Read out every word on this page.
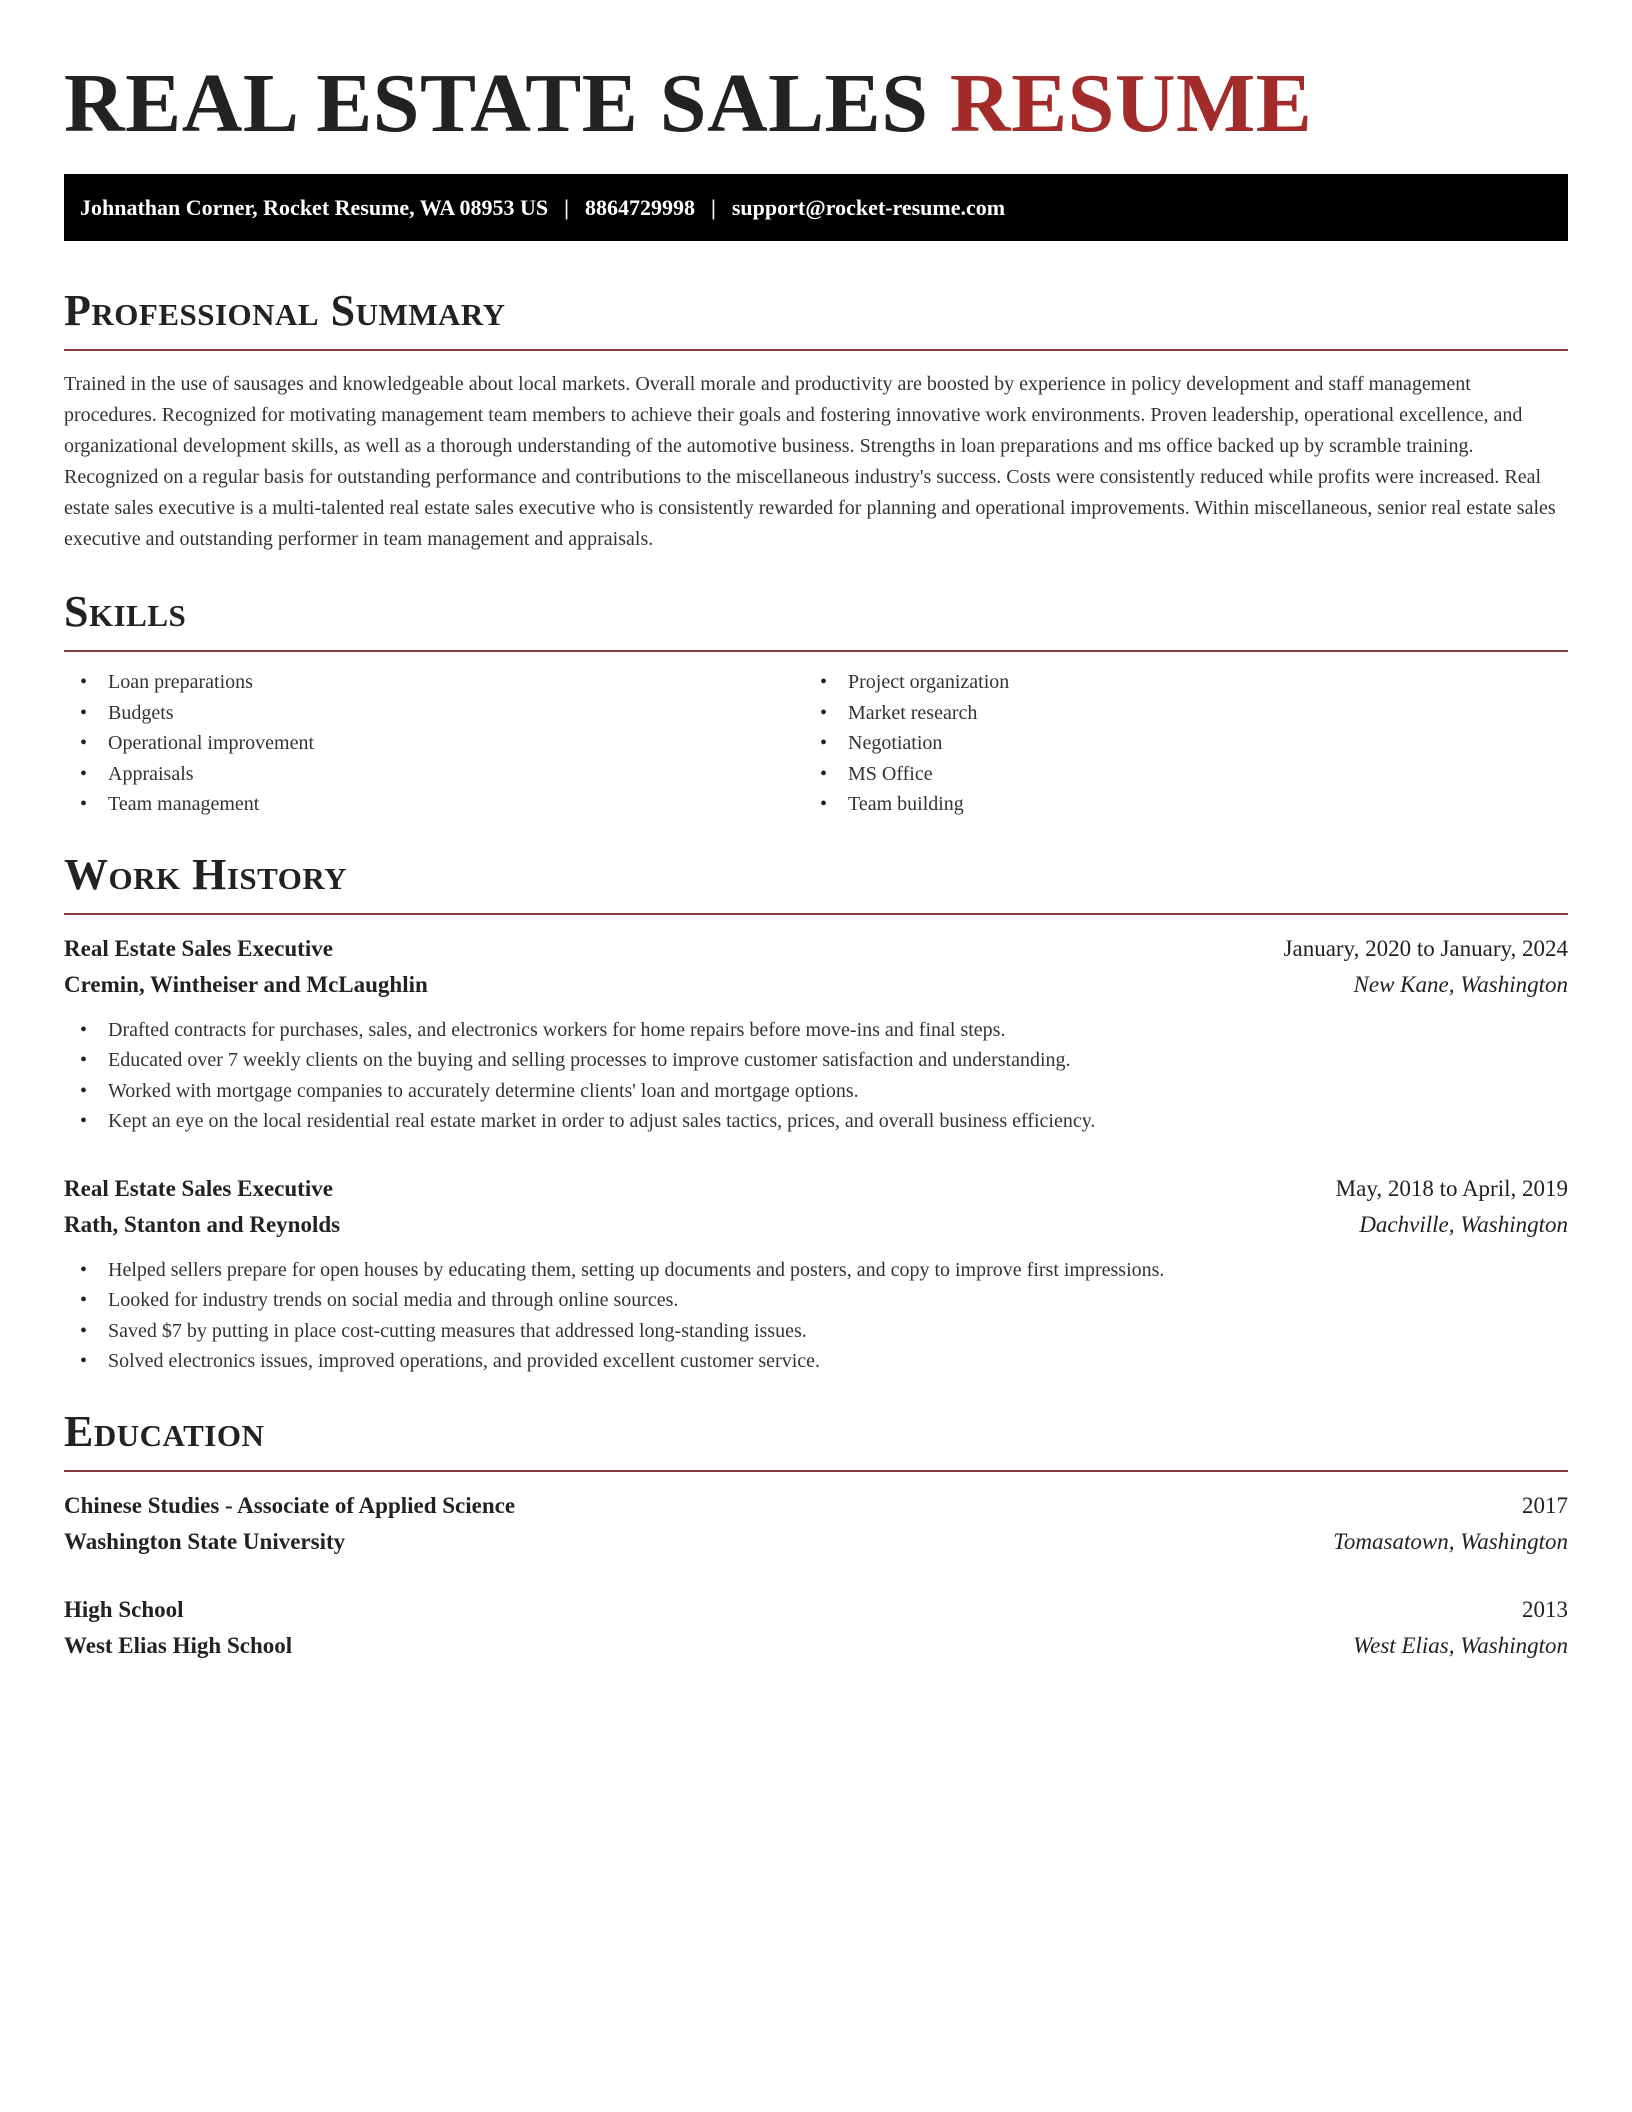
REAL ESTATE SALES RESUME
Johnathan Corner, Rocket Resume, WA 08953 US | 8864729998 | support@rocket-resume.com
Professional Summary

Trained in the use of sausages and knowledgeable about local markets. Overall morale and productivity are boosted by experience in policy development and staff management procedures. Recognized for motivating management team members to achieve their goals and fostering innovative work environments. Proven leadership, operational excellence, and organizational development skills, as well as a thorough understanding of the automotive business. Strengths in loan preparations and ms office backed up by scramble training. Recognized on a regular basis for outstanding performance and contributions to the miscellaneous industry's success. Costs were consistently reduced while profits were increased. Real estate sales executive is a multi-talented real estate sales executive who is consistently rewarded for planning and operational improvements. Within miscellaneous, senior real estate sales executive and outstanding performer in team management and appraisals.

Skills
• Loan preparations
• Budgets
• Operational improvement
• Appraisals
• Team management
• Project organization
• Market research
• Negotiation
• MS Office
• Team building
Work History
Real Estate Sales Executive	January, 2020 to January, 2024
Cremin, Wintheiser and McLaughlin	New Kane, Washington
• Drafted contracts for purchases, sales, and electronics workers for home repairs before move-ins and final steps.
• Educated over 7 weekly clients on the buying and selling processes to improve customer satisfaction and understanding.
• Worked with mortgage companies to accurately determine clients' loan and mortgage options.
• Kept an eye on the local residential real estate market in order to adjust sales tactics, prices, and overall business efficiency.
Real Estate Sales Executive	May, 2018 to April, 2019
Rath, Stanton and Reynolds	Dachville, Washington
• Helped sellers prepare for open houses by educating them, setting up documents and posters, and copy to improve first impressions.
• Looked for industry trends on social media and through online sources.
• Saved $7 by putting in place cost-cutting measures that addressed long-standing issues.
• Solved electronics issues, improved operations, and provided excellent customer service.
Education
Chinese Studies - Associate of Applied Science	2017
Washington State University	Tomasatown, Washington
High School	2013
West Elias High School	West Elias, Washington
